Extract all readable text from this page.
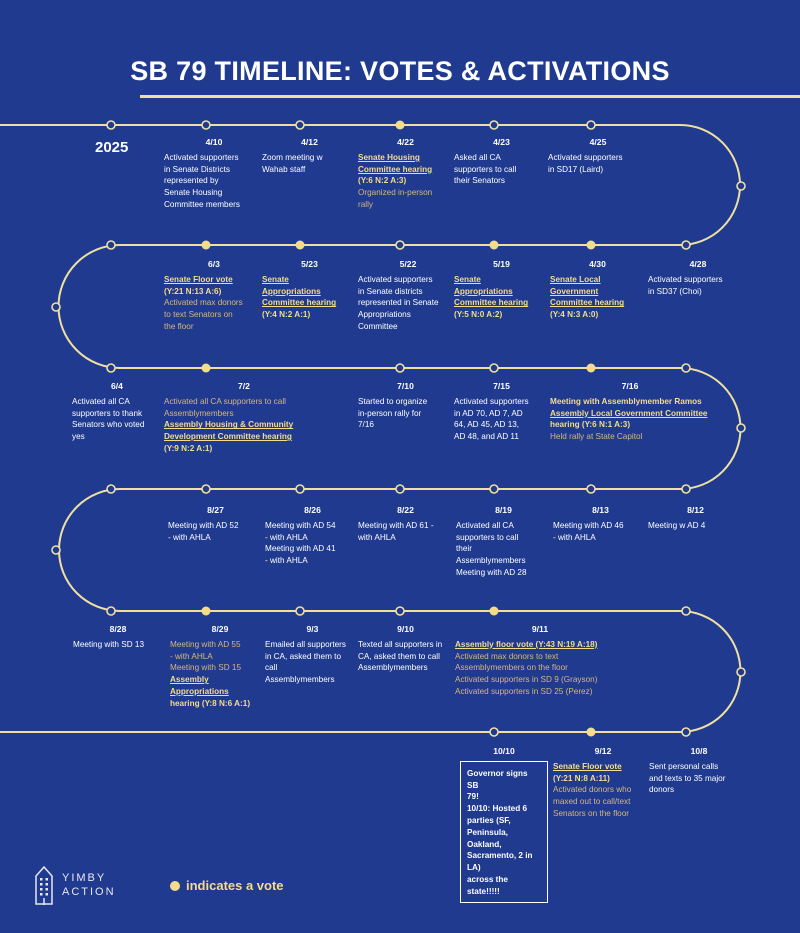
SB 79 TIMELINE: VOTES & ACTIVATIONS
2025	4/10
Activated supporters
in Senate Districts
represented by
Senate Housing
Committee members
4/12
Zoom meeting w
Wahab staff
4/22
Senate Housing
Committee hearing
(Y:6 N:2 A:3)
Organized in-person
rally
4/23
Asked all CA
supporters to call
their Senators
4/25
Activated supporters
in SD17 (Laird)
4/28
Activated supporters
in SD37 (Choi)
4/30
Senate Local
Government
Committee hearing
(Y:4 N:3 A:0)
5/19
Senate
Appropriations
Committee hearing
(Y:5 N:0 A:2)
5/22
Activated supporters
in Senate districts
represented in Senate
Appropriations
Committee
5/23
Senate
Appropriations
Committee hearing
(Y:4 N:2 A:1)
6/3
Senate Floor vote
(Y:21 N:13 A:6)
Activated max donors
to text Senators on
the floor
6/4
Activated all CA
supporters to thank
Senators who voted
yes
7/2
Activated all CA supporters to call
Assemblymembers
Assembly Housing & Community
Development Committee hearing
(Y:9 N:2 A:1)
7/10
Started to organize
in-person rally for
7/16
7/15
Activated supporters
in AD 70, AD 7, AD
64, AD 45, AD 13,
AD 48, and AD 11
7/16
Meeting with Assemblymember Ramos
Assembly Local Government Committee
hearing (Y:6 N:1 A:3)
Held rally at State Capitol
8/12
Meeting w AD 4
8/13
Meeting with AD 46
- with AHLA
8/19
Activated all CA
supporters to call
their
Assemblymembers
Meeting with AD 28
8/22
Meeting with AD 61 -
with AHLA
8/26
Meeting with AD 54
- with AHLA
Meeting with AD 41
- with AHLA
8/27
Meeting with AD 52
- with AHLA
8/28
Meeting with SD 13
8/29
Meeting with AD 55
- with AHLA
Meeting with SD 15
Assembly
Appropriations
hearing (Y:8 N:6 A:1)
9/3
Emailed all supporters
in CA, asked them to
call
Assemblymembers
9/10
Texted all supporters in
CA, asked them to call
Assemblymembers
9/11
Assembly floor vote (Y:43 N:19 A:18)
Activated max donors to text
Assemblymembers on the floor
Activated supporters in SD 9 (Grayson)
Activated supporters in SD 25 (Perez)
10/8
Sent personal calls
and texts to 35 major
donors
9/12
Senate Floor vote
(Y:21 N:8 A:11)
Activated donors who
maxed out to call/text
Senators on the floor
10/10
Governor signs SB
79!
10/10: Hosted 6
parties (SF,
Peninsula, Oakland,
Sacramento, 2 in LA)
across the state!!!!!
YIMBY
ACTION	indicates a vote
